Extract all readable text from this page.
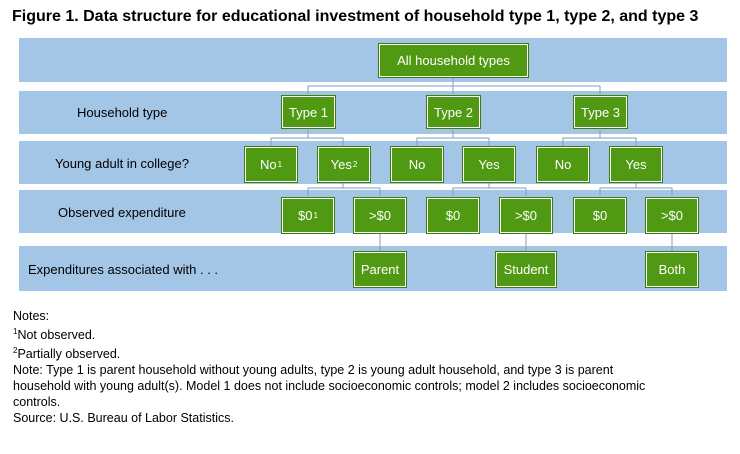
Figure 1. Data structure for educational investment of household type 1, type 2, and type 3
Household type
Young adult in college?
Observed expenditure
Expenditures associated with . . .
All household types
Type 1	Type 2	Type 3
No 1	Yes 2	No	Yes	No	Yes
$0 1	>$0	$0	>$0	$0	>$0
Parent	Student	Both
Notes:
$^1$Not observed.
$^2$Partially observed.
Note: Type 1 is parent household without young adults, type 2 is young adult household, and type 3 is parent household with young adult(s). Model 1 does not include socioeconomic controls; model 2 includes socioeconomic controls.
Source: U.S. Bureau of Labor Statistics.
